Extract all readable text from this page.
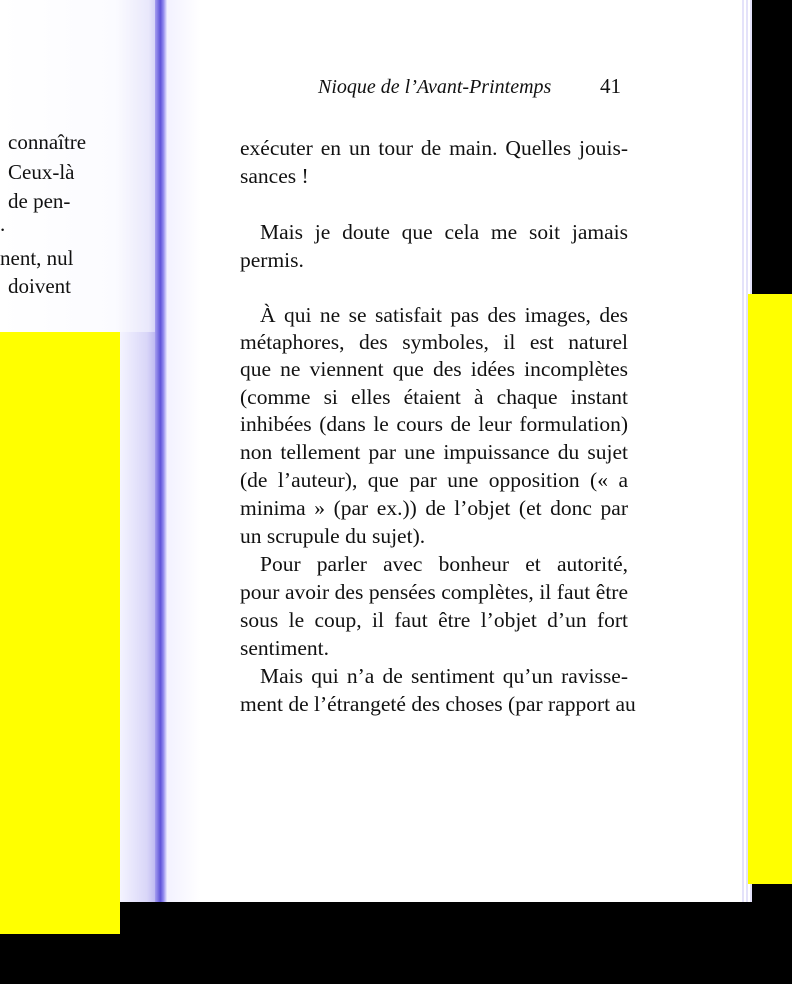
connaître
Ceux-là
de pen-
.
nent, nul
doivent
Nioque de l’Avant-Printemps 41
exécuter en un tour de main. Quelles jouis-
sances !
Mais je doute que cela me soit jamais
permis.
À qui ne se satisfait pas des images, des
métaphores, des symboles, il est naturel
que ne viennent que des idées incomplètes
(comme si elles étaient à chaque instant
inhibées (dans le cours de leur formulation)
non tellement par une impuissance du sujet
(de l’auteur), que par une opposition (« a
minima » (par ex.)) de l’objet (et donc par
un scrupule du sujet).
Pour parler avec bonheur et autorité,
pour avoir des pensées complètes, il faut être
sous le coup, il faut être l’objet d’un fort
sentiment.
Mais qui n’a de sentiment qu’un ravisse-
ment de l’étrangeté des choses (par rapport au
